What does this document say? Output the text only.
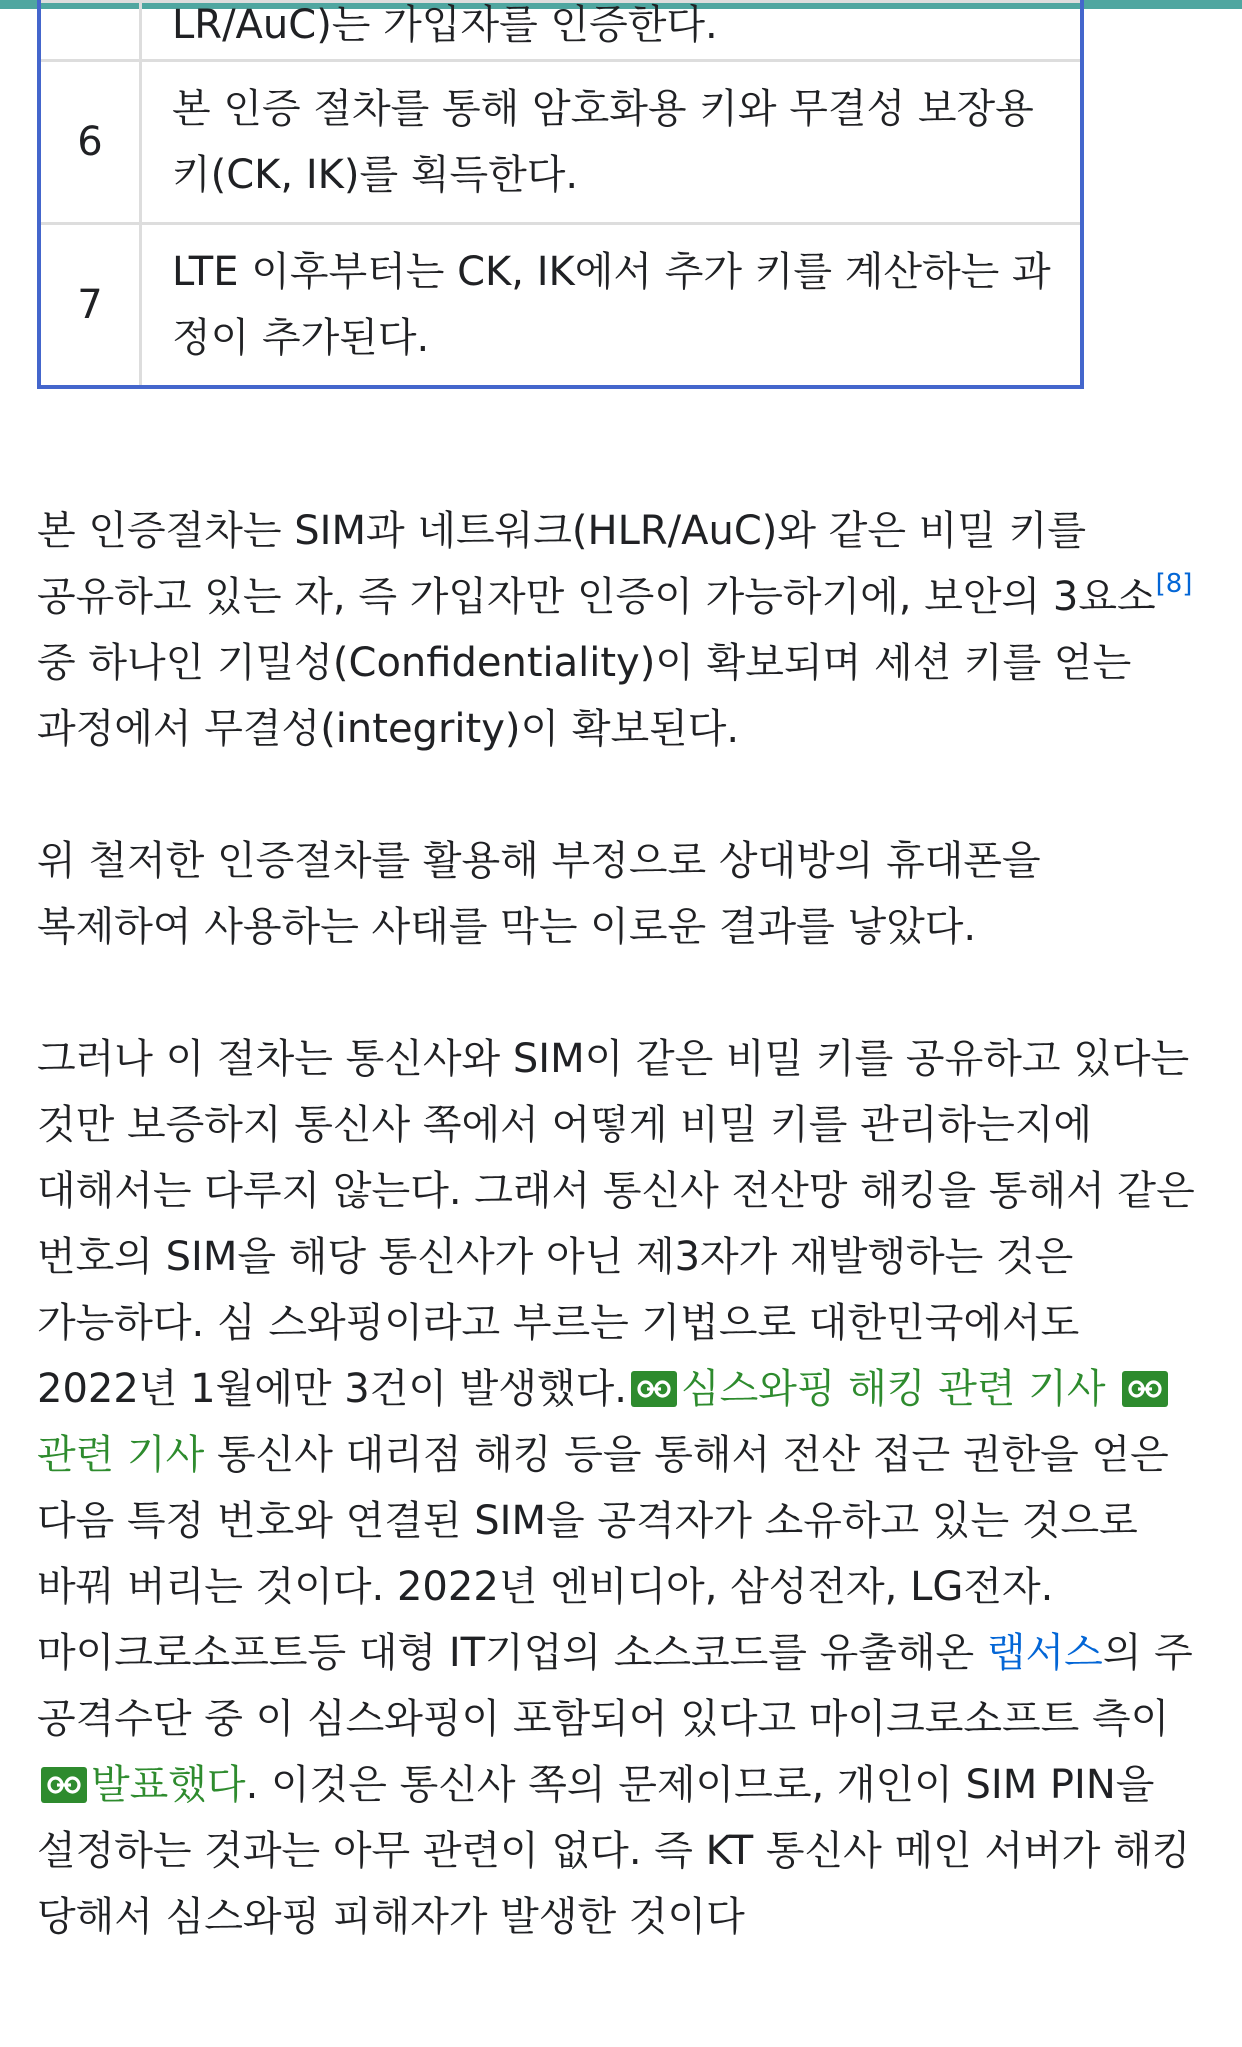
	LR/AuC)는 가입자를 인증한다.
6	본 인증 절차를 통해 암호화용 키와 무결성 보장용 키(CK, IK)를 획득한다.
7	LTE 이후부터는 CK, IK에서 추가 키를 계산하는 과정이 추가된다.

본 인증절차는 SIM과 네트워크(HLR/AuC)와 같은 비밀 키를 공유하고 있는 자, 즉 가입자만 인증이 가능하기에, 보안의 3요소[8] 중 하나인 기밀성(Confidentiality)이 확보되며 세션 키를 얻는 과정에서 무결성(integrity)이 확보된다.

위 철저한 인증절차를 활용해 부정으로 상대방의 휴대폰을 복제하여 사용하는 사태를 막는 이로운 결과를 낳았다.

그러나 이 절차는 통신사와 SIM이 같은 비밀 키를 공유하고 있다는 것만 보증하지 통신사 쪽에서 어떻게 비밀 키를 관리하는지에 대해서는 다루지 않는다. 그래서 통신사 전산망 해킹을 통해서 같은 번호의 SIM을 해당 통신사가 아닌 제3자가 재발행하는 것은 가능하다. 심 스와핑이라고 부르는 기법으로 대한민국에서도 2022년 1월에만 3건이 발생했다. 심스와핑 해킹 관련 기사
관련 기사 통신사 대리점 해킹 등을 통해서 전산 접근 권한을 얻은 다음 특정 번호와 연결된 SIM을 공격자가 소유하고 있는 것으로 바꿔 버리는 것이다. 2022년 엔비디아, 삼성전자, LG전자. 마이크로소프트등 대형 IT기업의 소스코드를 유출해온 랩서스의 주 공격수단 중 이 심스와핑이 포함되어 있다고 마이크로소프트 측이
발표했다. 이것은 통신사 쪽의 문제이므로, 개인이 SIM PIN을 설정하는 것과는 아무 관련이 없다. 즉 KT 통신사 메인 서버가 해킹 당해서 심스와핑 피해자가 발생한 것이다
